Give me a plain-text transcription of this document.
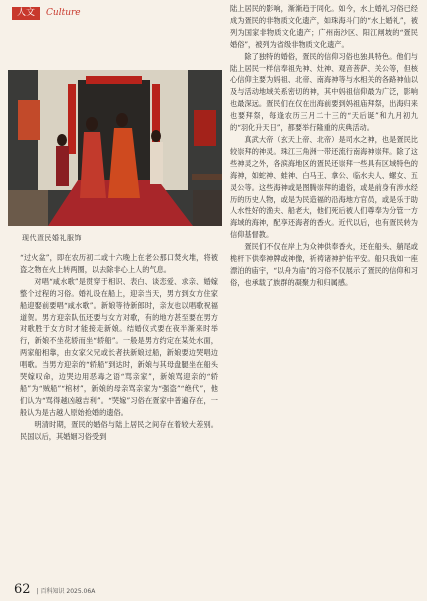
人文	Culture
现代疍民婚礼服饰

“过火盆”，即在农历初二或十六晚上在老公那口焚火堆，将被盗之物在火上转两圈，以去除非心上人的气息。

对唱“咸水歌”是贯穿于相识、表白、谈恋爱、求亲、婚嫁整个过程的习俗。婚礼设在船上，迎亲当天，男方到女方住家船迎娶前要唱“咸水歌”。新娘等待新郎时，亲友也以唱歌祝福道贺。男方迎亲队伍还要与女方对歌，有的地方甚至要在男方对歌胜于女方时才能接走新娘。结婚仪式要在夜半渐来时举行，新娘不坐花轿而坐“轿船”。一般是男方约定在某处水面，两家船相靠，由女家父兄或长者扶新娘过船，新娘要边哭唱边唱歌。当男方迎亲的“轿船”到达时，新娘与其母盘腿坐在船头哭嫁叹命，边哭边用恶毒之语“骂亲家”，新娘骂迎亲的“轿船”为“贼船”“棺材”，新娘的母亲骂亲家为“强盗”“绝代”，他们认为“骂得越凶越吉利”。“哭嫁”习俗在疍家中普遍存在，一般认为是古越人原始抢婚的遗俗。

明清时期，疍民的婚俗与陆上居民之间存在着较大差别。民国以后，其婚姻习俗受到

陆上居民的影响，渐渐趋于同化。如今，水上婚礼习俗已经成为疍民的非物质文化遗产，如珠海斗门的“水上婚礼”，被列为国家非物质文化遗产；广州南沙区、阳江闸坡的“疍民婚俗”，被列为省级非物质文化遗产。

除了独特的婚俗，疍民的信仰习俗也独具特色。他们与陆上居民一样信奉祖先神、灶神、观音菩萨、关公等，但核心信仰主要为妈祖、北帝、南海神等与水相关的各路神仙以及与活动地域关系密切的神，其中妈祖信仰最为广泛，影响也最深远。疍民们在仅在出海前要到妈祖庙拜祭，出海归来也要拜祭，每逢农历三月二十三的“天后诞”和九月初九的“羽化升天日”，都要举行隆重的庆典活动。

真武大帝（玄天上帝、北帝）是司水之神，也是疍民比较崇拜的神灵。珠江三角洲一带还流行南海神崇拜。除了这些神灵之外，各滨海地区的疍民还崇拜一些具有区域特色的海神，如蛇神、蛙神、白马王、拿公、临水夫人、螺女、五灵公等。这些海神或是图腾崇拜的遗俗，或是前身有涉水经历的历史人物，或是为民造福的沿海地方官员，或是乐于助人水性好的渔夫、船老大，他们死后被人们尊奉为分管一方海域的海神，配享还海者的香火。近代以后，也有疍民转为信仰基督教。

疍民们不仅在岸上为众神供奉香火，还在船头、艄尾或桅杆下供奉神牌或神像，祈祷诸神护佑平安。船只我如一座漂泊的庙宇，“以舟为庙”的习俗不仅展示了疍民的信仰和习俗，也承载了族群的凝聚力和归属感。

62 | 百科知识 2025.06A
